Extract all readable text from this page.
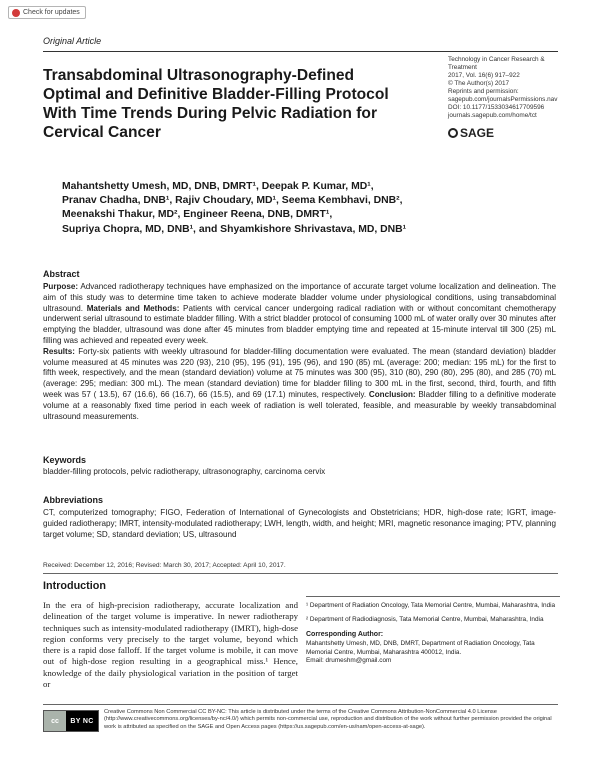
Check for updates
Original Article
Transabdominal Ultrasonography-Defined Optimal and Definitive Bladder-Filling Protocol With Time Trends During Pelvic Radiation for Cervical Cancer
Technology in Cancer Research &
Treatment
2017, Vol. 16(6) 917–922
© The Author(s) 2017
Reprints and permission:
sagepub.com/journalsPermissions.nav
DOI: 10.1177/1533034617709596
journals.sagepub.com/home/tct
SAGE
Mahantshetty Umesh, MD, DNB, DMRT¹, Deepak P. Kumar, MD¹,
Pranav Chadha, DNB¹, Rajiv Choudary, MD¹, Seema Kembhavi, DNB²,
Meenakshi Thakur, MD², Engineer Reena, DNB, DMRT¹,
Supriya Chopra, MD, DNB¹, and Shyamkishore Shrivastava, MD, DNB¹
Abstract
Purpose: Advanced radiotherapy techniques have emphasized on the importance of accurate target volume localization and delineation. The aim of this study was to determine time taken to achieve moderate bladder volume under physiological conditions, using transabdominal ultrasound. Materials and Methods: Patients with cervical cancer undergoing radical radiation with or without concomitant chemotherapy underwent serial ultrasound to estimate bladder filling. With a strict bladder protocol of consuming 1000 mL of water orally over 30 minutes after emptying the bladder, ultrasound was done after 45 minutes from bladder emptying time and repeated at 15-minute interval till 300 (25) mL filling was achieved and repeated every week.
Results: Forty-six patients with weekly ultrasound for bladder-filling documentation were evaluated. The mean (standard deviation) bladder volume measured at 45 minutes was 220 (93), 210 (95), 195 (91), 195 (96), and 190 (85) mL (average: 200; median: 195 mL) for the first to fifth week, respectively, and the mean (standard deviation) volume at 75 minutes was 300 (95), 310 (80), 290 (80), 295 (80), and 285 (70) mL (average: 295; median: 300 mL). The mean (standard deviation) time for bladder filling to 300 mL in the first, second, third, fourth, and fifth week was 57 ( 13.5), 67 (16.6), 66 (16.7), 66 (15.5), and 69 (17.1) minutes, respectively. Conclusion: Bladder filling to a definitive moderate volume at a reasonably fixed time period in each week of radiation is well tolerated, feasible, and measurable by weekly transabdominal ultrasound measurements.
Keywords
bladder-filling protocols, pelvic radiotherapy, ultrasonography, carcinoma cervix
Abbreviations
CT, computerized tomography; FIGO, Federation of International of Gynecologists and Obstetricians; HDR, high-dose rate; IGRT, image-guided radiotherapy; IMRT, intensity-modulated radiotherapy; LWH, length, width, and height; MRI, magnetic resonance imaging; PTV, planning target volume; SD, standard deviation; US, ultrasound
Received: December 12, 2016; Revised: March 30, 2017; Accepted: April 10, 2017.
Introduction
In the era of high-precision radiotherapy, accurate localization and delineation of the target volume is imperative. In newer radiotherapy techniques such as intensity-modulated radiotherapy (IMRT), high-dose region conforms very precisely to the target volume, beyond which there is a rapid dose falloff. If the target volume is mobile, it can move out of high-dose region resulting in a geographical miss.¹ Hence, knowledge of the daily physiological variation in the position of target or
¹ Department of Radiation Oncology, Tata Memorial Centre, Mumbai, Maharashtra, India
² Department of Radiodiagnosis, Tata Memorial Centre, Mumbai, Maharashtra, India
Corresponding Author:
Mahantshetty Umesh, MD, DNB, DMRT, Department of Radiation Oncology, Tata Memorial Centre, Mumbai, Maharashtra 400012, India.
Email: drumeshm@gmail.com
cc	BY NC
Creative Commons Non Commercial CC BY-NC: This article is distributed under the terms of the Creative Commons Attribution-NonCommercial 4.0 License (http://www.creativecommons.org/licenses/by-nc/4.0/) which permits non-commercial use, reproduction and distribution of the work without further permission provided the original work is attributed as specified on the SAGE and Open Access pages (https://us.sagepub.com/en-us/nam/open-access-at-sage).
